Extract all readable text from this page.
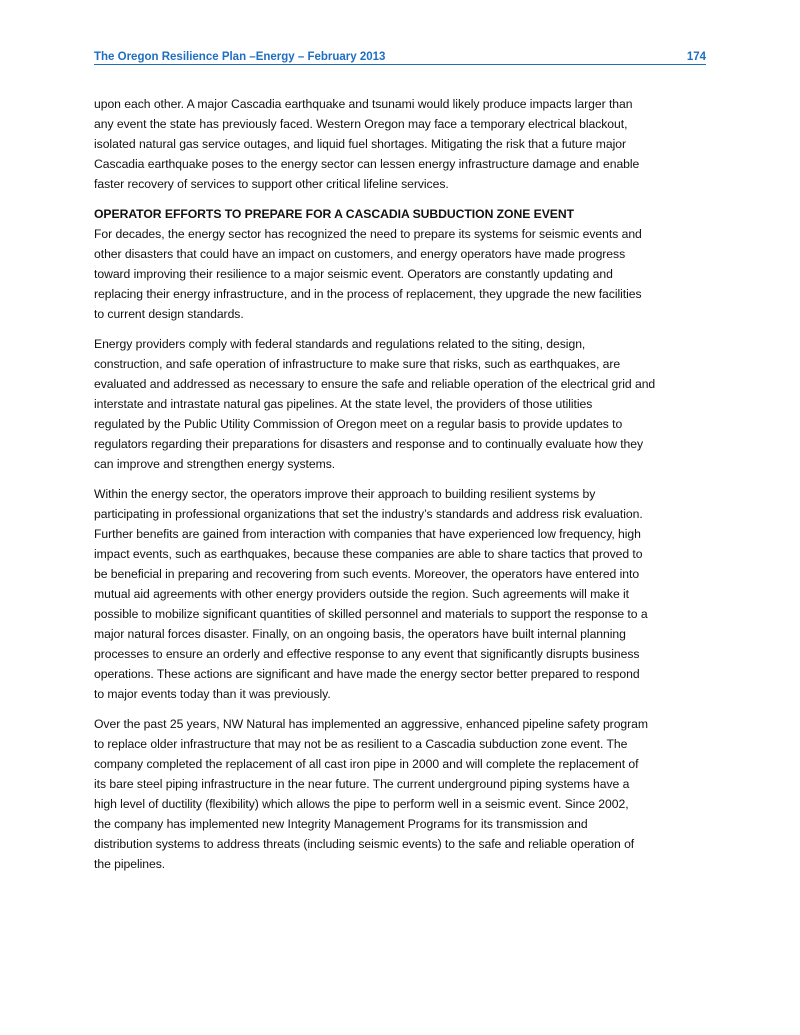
The Oregon Resilience Plan –Energy – February 2013	174
upon each other. A major Cascadia earthquake and tsunami would likely produce impacts larger than
any event the state has previously faced. Western Oregon may face a temporary electrical blackout,
isolated natural gas service outages, and liquid fuel shortages. Mitigating the risk that a future major
Cascadia earthquake poses to the energy sector can lessen energy infrastructure damage and enable
faster recovery of services to support other critical lifeline services.
OPERATOR EFFORTS TO PREPARE FOR A CASCADIA SUBDUCTION ZONE EVENT
For decades, the energy sector has recognized the need to prepare its systems for seismic events and
other disasters that could have an impact on customers, and energy operators have made progress
toward improving their resilience to a major seismic event. Operators are constantly updating and
replacing their energy infrastructure, and in the process of replacement, they upgrade the new facilities
to current design standards.
Energy providers comply with federal standards and regulations related to the siting, design,
construction, and safe operation of infrastructure to make sure that risks, such as earthquakes, are
evaluated and addressed as necessary to ensure the safe and reliable operation of the electrical grid and
interstate and intrastate natural gas pipelines. At the state level, the providers of those utilities
regulated by the Public Utility Commission of Oregon meet on a regular basis to provide updates to
regulators regarding their preparations for disasters and response and to continually evaluate how they
can improve and strengthen energy systems.
Within the energy sector, the operators improve their approach to building resilient systems by
participating in professional organizations that set the industry’s standards and address risk evaluation.
Further benefits are gained from interaction with companies that have experienced low frequency, high
impact events, such as earthquakes, because these companies are able to share tactics that proved to
be beneficial in preparing and recovering from such events. Moreover, the operators have entered into
mutual aid agreements with other energy providers outside the region. Such agreements will make it
possible to mobilize significant quantities of skilled personnel and materials to support the response to a
major natural forces disaster. Finally, on an ongoing basis, the operators have built internal planning
processes to ensure an orderly and effective response to any event that significantly disrupts business
operations. These actions are significant and have made the energy sector better prepared to respond
to major events today than it was previously.
Over the past 25 years, NW Natural has implemented an aggressive, enhanced pipeline safety program
to replace older infrastructure that may not be as resilient to a Cascadia subduction zone event. The
company completed the replacement of all cast iron pipe in 2000 and will complete the replacement of
its bare steel piping infrastructure in the near future. The current underground piping systems have a
high level of ductility (flexibility) which allows the pipe to perform well in a seismic event. Since 2002,
the company has implemented new Integrity Management Programs for its transmission and
distribution systems to address threats (including seismic events) to the safe and reliable operation of
the pipelines.
